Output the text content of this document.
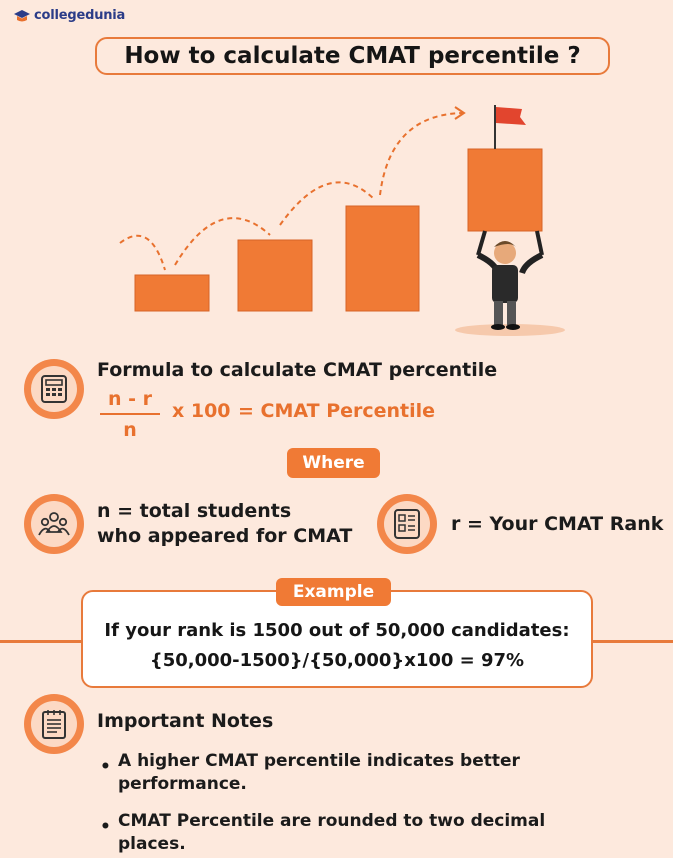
collegedunia
How to calculate CMAT percentile ?
Formula to calculate CMAT percentile
n - r
n
x 100 = CMAT Percentile
Where
n = total students
who appeared for CMAT
r = Your CMAT Rank
If your rank is 1500 out of 50,000 candidates:
{50,000-1500}/{50,000}x100 = 97%
Example
Important Notes
• A higher CMAT percentile indicates better performance.
• CMAT Percentile are rounded to two decimal places.
